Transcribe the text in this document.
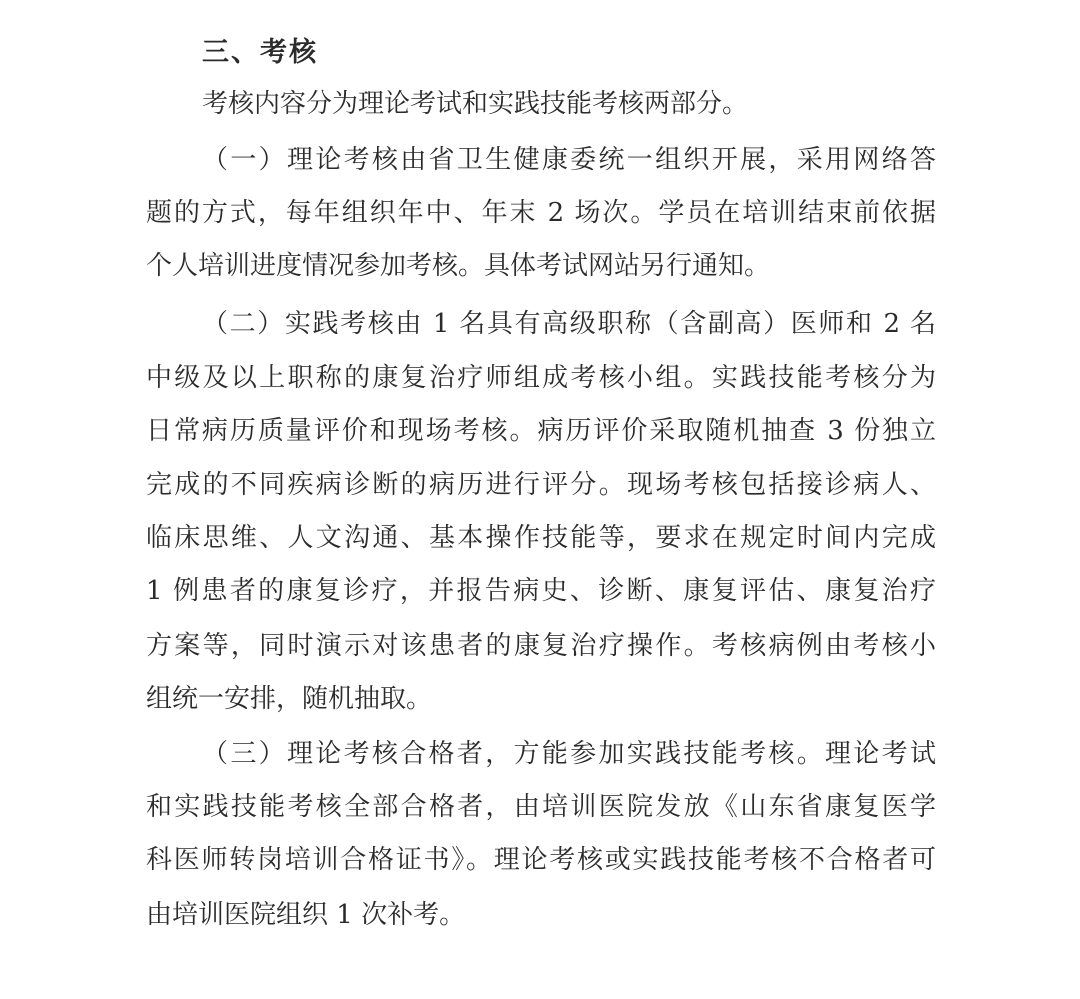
三、考核
考核内容分为理论考试和实践技能考核两部分。
（一）理论考核由省卫生健康委统一组织开展，采用网络答
题的方式，每年组织年中、年末 2 场次。学员在培训结束前依据
个人培训进度情况参加考核。具体考试网站另行通知。
（二）实践考核由 1 名具有高级职称（含副高）医师和 2 名
中级及以上职称的康复治疗师组成考核小组。实践技能考核分为
日常病历质量评价和现场考核。病历评价采取随机抽查 3 份独立
完成的不同疾病诊断的病历进行评分。现场考核包括接诊病人、
临床思维、人文沟通、基本操作技能等，要求在规定时间内完成
1 例患者的康复诊疗，并报告病史、诊断、康复评估、康复治疗
方案等，同时演示对该患者的康复治疗操作。考核病例由考核小
组统一安排，随机抽取。
（三）理论考核合格者，方能参加实践技能考核。理论考试
和实践技能考核全部合格者，由培训医院发放《山东省康复医学
科医师转岗培训合格证书》。理论考核或实践技能考核不合格者可
由培训医院组织 1 次补考。
